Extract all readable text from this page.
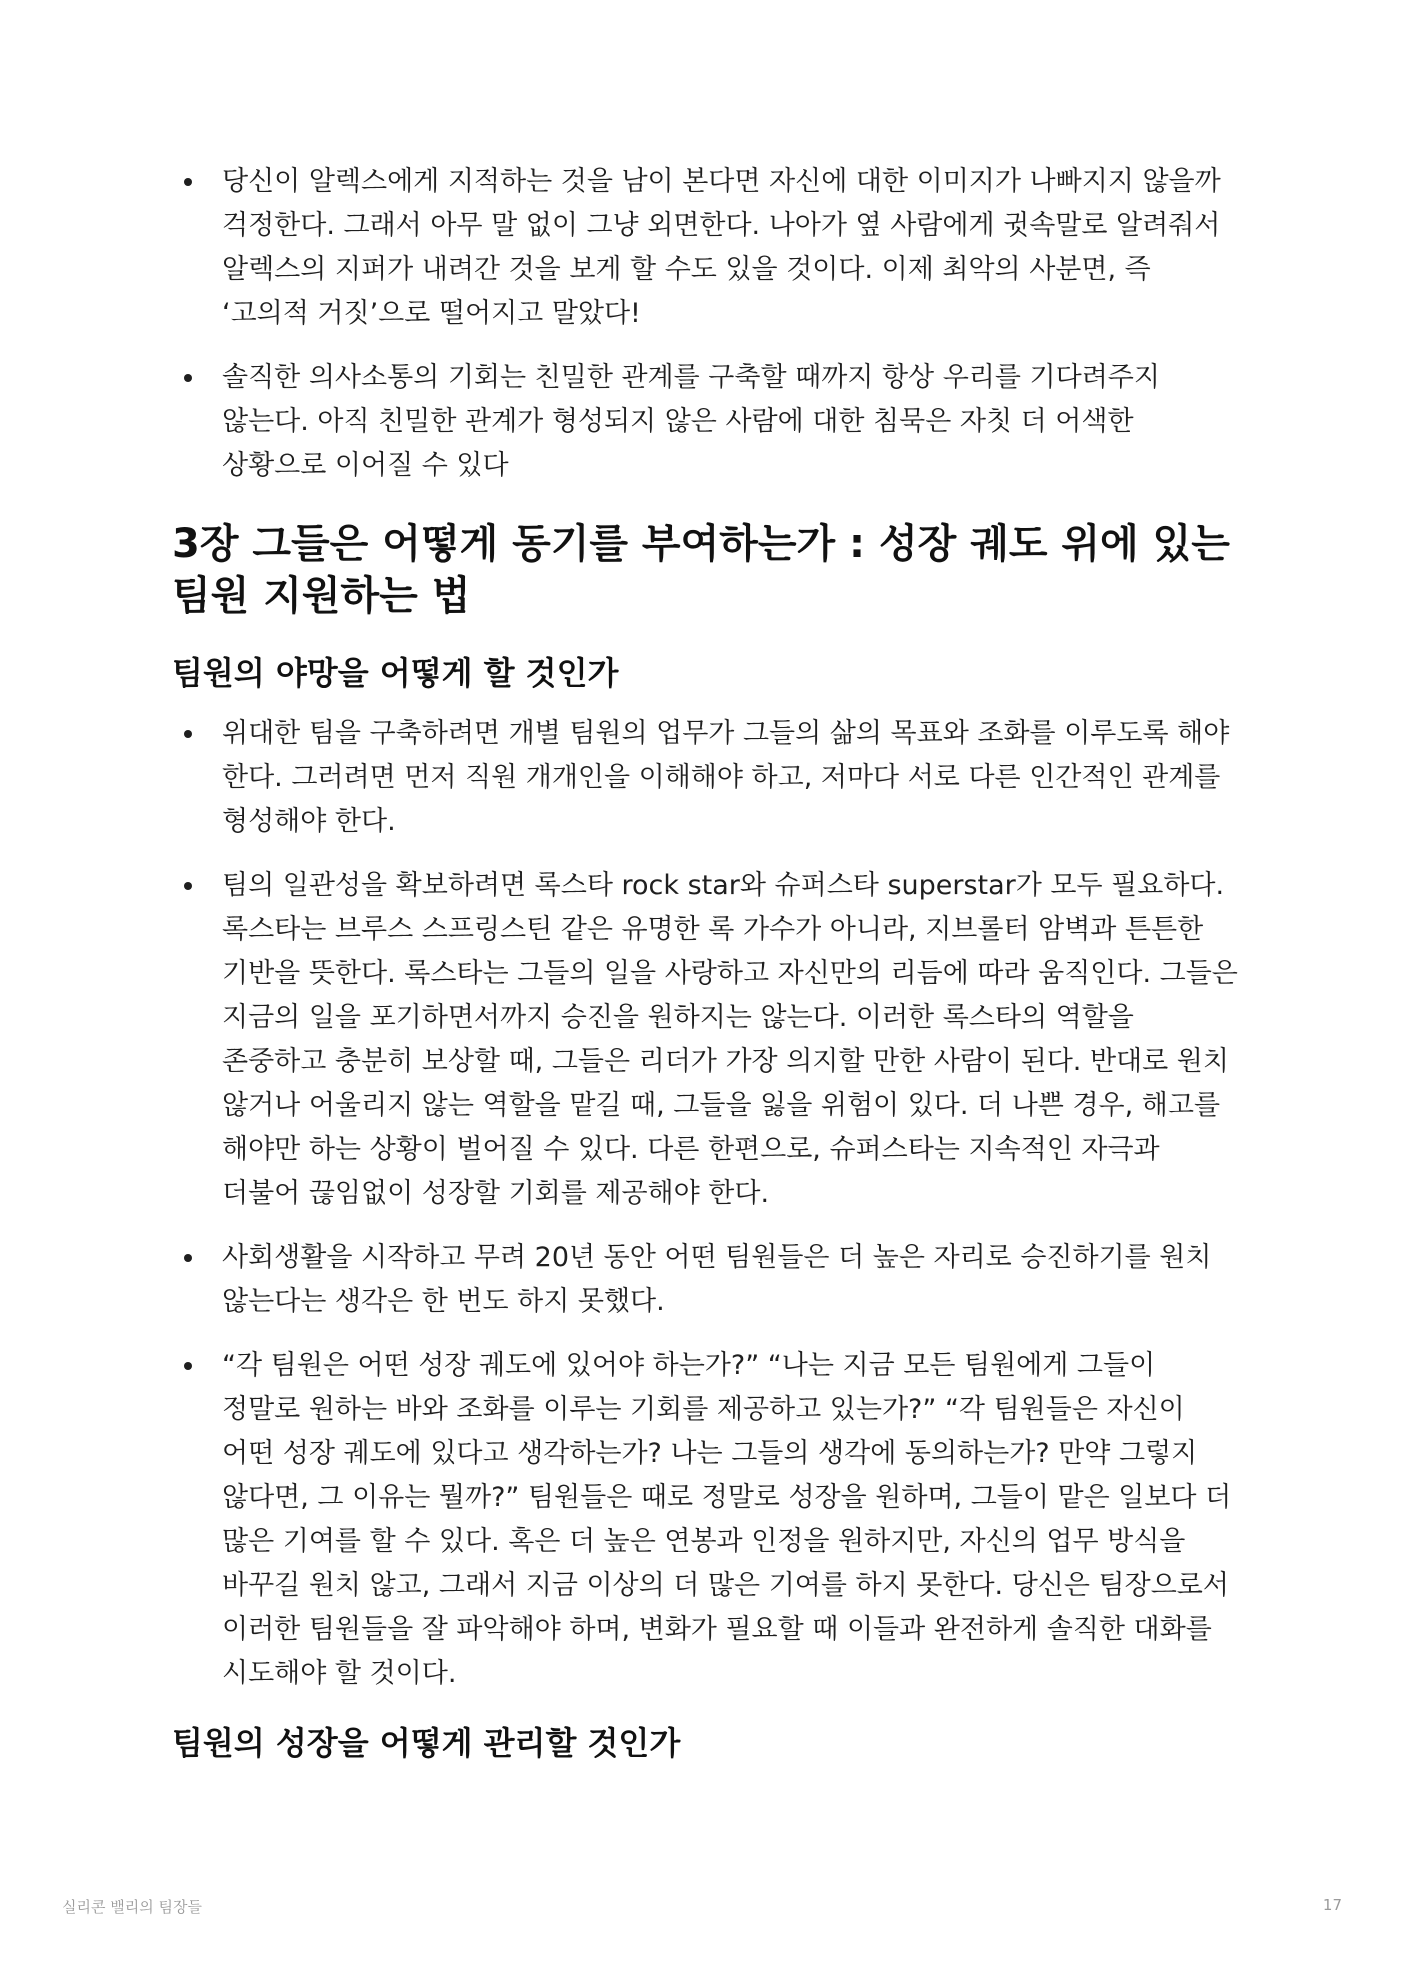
당신이 알렉스에게 지적하는 것을 남이 본다면 자신에 대한 이미지가 나빠지지 않을까 걱정한다. 그래서 아무 말 없이 그냥 외면한다. 나아가 옆 사람에게 귓속말로 알려줘서 알렉스의 지퍼가 내려간 것을 보게 할 수도 있을 것이다. 이제 최악의 사분면, 즉 ‘고의적 거짓’으로 떨어지고 말았다!
솔직한 의사소통의 기회는 친밀한 관계를 구축할 때까지 항상 우리를 기다려주지 않는다. 아직 친밀한 관계가 형성되지 않은 사람에 대한 침묵은 자칫 더 어색한 상황으로 이어질 수 있다
3장 그들은 어떻게 동기를 부여하는가 : 성장 궤도 위에 있는 팀원 지원하는 법
팀원의 야망을 어떻게 할 것인가
위대한 팀을 구축하려면 개별 팀원의 업무가 그들의 삶의 목표와 조화를 이루도록 해야 한다. 그러려면 먼저 직원 개개인을 이해해야 하고, 저마다 서로 다른 인간적인 관계를 형성해야 한다.
팀의 일관성을 확보하려면 록스타 rock star와 슈퍼스타 superstar가 모두 필요하다. 록스타는 브루스 스프링스틴 같은 유명한 록 가수가 아니라, 지브롤터 암벽과 튼튼한 기반을 뜻한다. 록스타는 그들의 일을 사랑하고 자신만의 리듬에 따라 움직인다. 그들은 지금의 일을 포기하면서까지 승진을 원하지는 않는다. 이러한 록스타의 역할을 존중하고 충분히 보상할 때, 그들은 리더가 가장 의지할 만한 사람이 된다. 반대로 원치 않거나 어울리지 않는 역할을 맡길 때, 그들을 잃을 위험이 있다. 더 나쁜 경우, 해고를 해야만 하는 상황이 벌어질 수 있다. 다른 한편으로, 슈퍼스타는 지속적인 자극과 더불어 끊임없이 성장할 기회를 제공해야 한다.
사회생활을 시작하고 무려 20년 동안 어떤 팀원들은 더 높은 자리로 승진하기를 원치 않는다는 생각은 한 번도 하지 못했다.
“각 팀원은 어떤 성장 궤도에 있어야 하는가?” “나는 지금 모든 팀원에게 그들이 정말로 원하는 바와 조화를 이루는 기회를 제공하고 있는가?” “각 팀원들은 자신이 어떤 성장 궤도에 있다고 생각하는가? 나는 그들의 생각에 동의하는가? 만약 그렇지 않다면, 그 이유는 뭘까?” 팀원들은 때로 정말로 성장을 원하며, 그들이 맡은 일보다 더 많은 기여를 할 수 있다. 혹은 더 높은 연봉과 인정을 원하지만, 자신의 업무 방식을 바꾸길 원치 않고, 그래서 지금 이상의 더 많은 기여를 하지 못한다. 당신은 팀장으로서 이러한 팀원들을 잘 파악해야 하며, 변화가 필요할 때 이들과 완전하게 솔직한 대화를 시도해야 할 것이다.
팀원의 성장을 어떻게 관리할 것인가
실리콘 밸리의 팀장들	17
